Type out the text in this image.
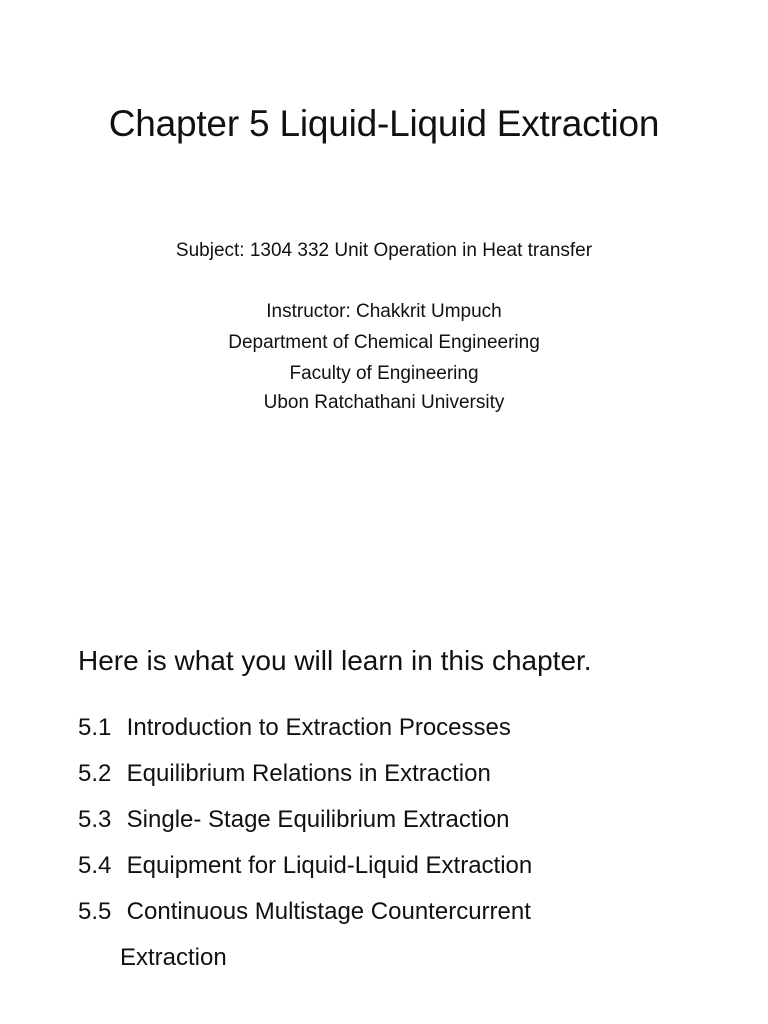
Chapter 5 Liquid-Liquid Extraction
Subject: 1304 332 Unit Operation in Heat transfer
Instructor: Chakkrit Umpuch
Department of Chemical Engineering
Faculty of Engineering
Ubon Ratchathani University
Here is what you will learn in this chapter.
5.1 Introduction to Extraction Processes
5.2 Equilibrium Relations in Extraction
5.3 Single- Stage Equilibrium Extraction
5.4 Equipment for Liquid-Liquid Extraction
5.5 Continuous Multistage Countercurrent
Extraction
